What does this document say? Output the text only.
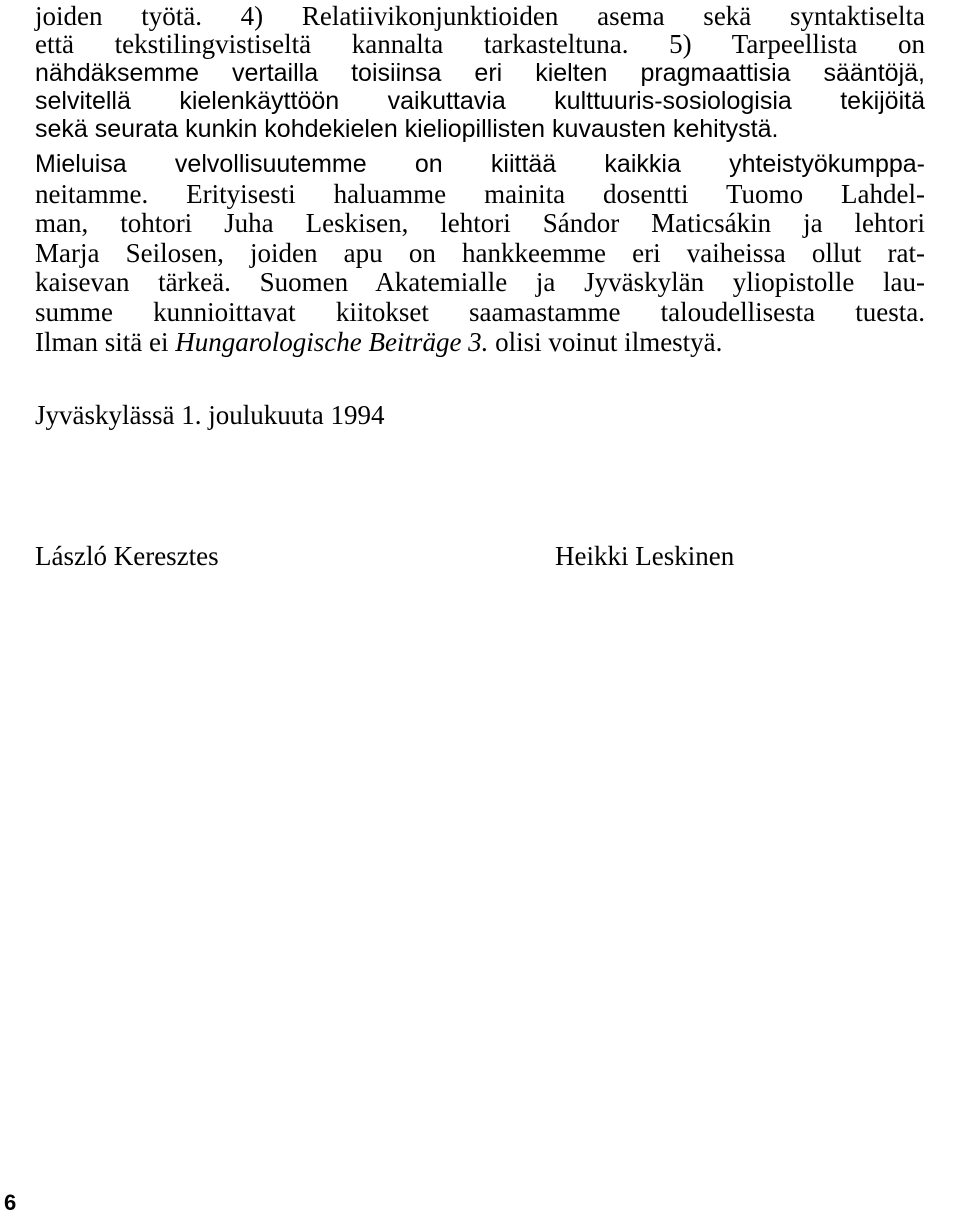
joiden työtä. 4) Relatiivikonjunktioiden asema sekä syntaktiselta
että tekstilingvistiseltä kannalta tarkasteltuna. 5) Tarpeellista on
nähdäksemme vertailla toisiinsa eri kielten pragmaattisia sääntöjä,
selvitellä kielenkäyttöön vaikuttavia kulttuuris-sosiologisia tekijöitä
sekä seurata kunkin kohdekielen kieliopillisten kuvausten kehitystä.
Mieluisa velvollisuutemme on kiittää kaikkia yhteistyökumppa-
neitamme. Erityisesti haluamme mainita dosentti Tuomo Lahdel-
man, tohtori Juha Leskisen, lehtori Sándor Maticsákin ja lehtori
Marja Seilosen, joiden apu on hankkeemme eri vaiheissa ollut rat-
kaisevan tärkeä. Suomen Akatemialle ja Jyväskylän yliopistolle lau-
summe kunnioittavat kiitokset saamastamme taloudellisesta tuesta.
Ilman sitä ei Hungarologische Beiträge 3. olisi voinut ilmestyä.
Jyväskylässä 1. joulukuuta 1994
László Keresztes	Heikki Leskinen
6
